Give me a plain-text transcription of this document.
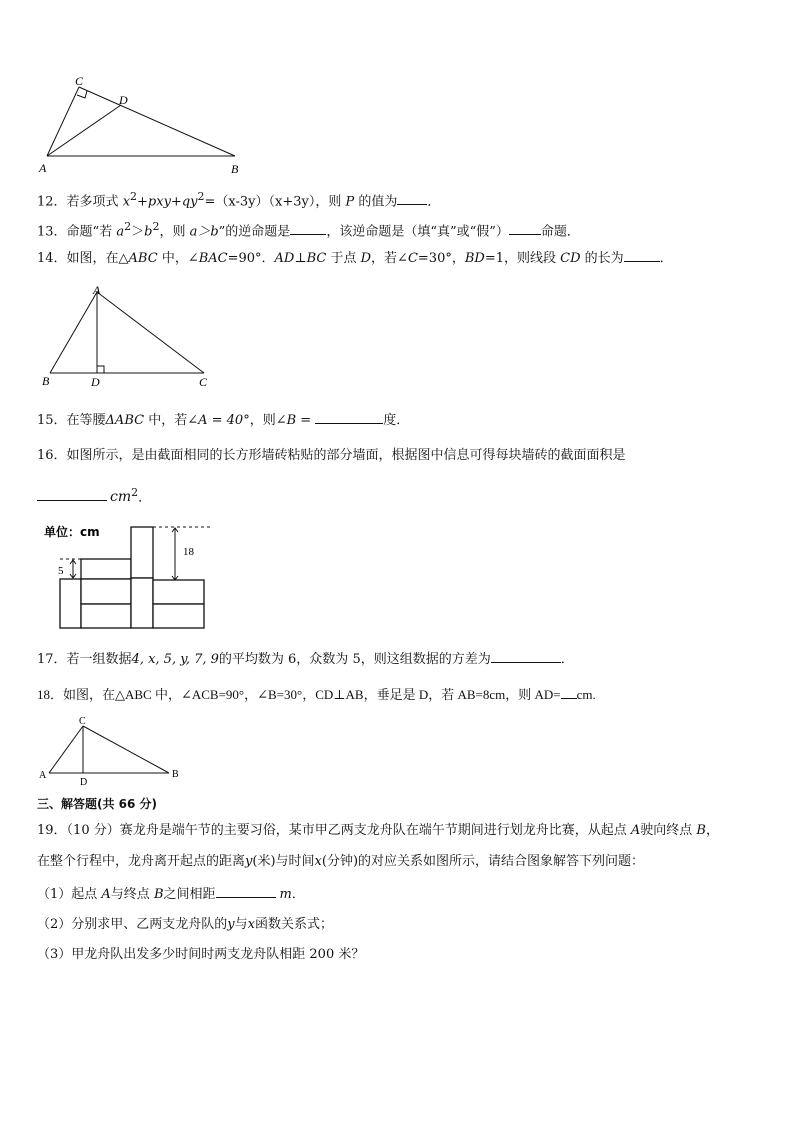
C
D
A	B
12．若多项式 $x^2+pxy+qy^2=(x-3y)(x+3y)$，则 P 的值为 ．
13．命题“若 $a^2>b^2$，则 a＞b”的逆命题是	，该逆命题是（填“真”或“假”） 命题．
14．如图，在△ABC 中，∠BAC=90°．AD⊥BC 于点 D，若∠C=30°，BD=1，则线段 CD 的长为	．
A
B	D	C
15．在等腰ΔABC 中，若∠A = 40°，则∠B =	度．
16．如图所示，是由截面相同的长方形墙砖粘贴的部分墙面，根据图中信息可得每块墙砖的截面面积是
$cm^2$．
单位：cm
5
18
17．若一组数据4, x, 5, y, 7, 9的平均数为 6，众数为 5，则这组数据的方差为	．
18．如图，在△ABC 中，∠ACB=90°，∠B=30°，CD⊥AB，垂足是 D，若 AB=8cm，则 AD= cm.
C
A
D
B
三、解答题(共 66 分)
19．（10 分）赛龙舟是端午节的主要习俗，某市甲乙两支龙舟队在端午节期间进行划龙舟比赛，从起点 A驶向终点 B，
在整个行程中，龙舟离开起点的距离y(米)与时间x(分钟)的对应关系如图所示，请结合图象解答下列问题：
（1）起点 A与终点 B之间相距	m．
（2）分别求甲、乙两支龙舟队的y与x函数关系式；
（3）甲龙舟队出发多少时间时两支龙舟队相距 200 米？
